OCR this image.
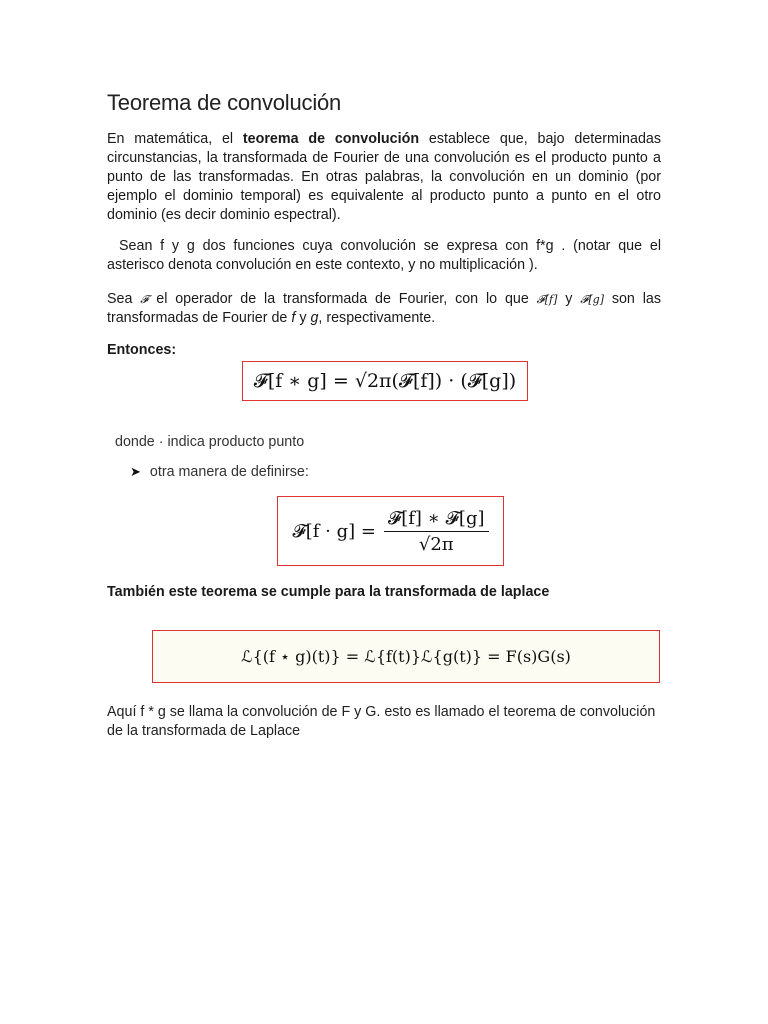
Teorema de convolución

En matemática, el teorema de convolución establece que, bajo determinadas circunstancias, la transformada de Fourier de una convolución es el producto punto a punto de las transformadas. En otras palabras, la convolución en un dominio (por ejemplo el dominio temporal) es equivalente al producto punto a punto en el otro dominio (es decir dominio espectral).

Sean f y g dos funciones cuya convolución se expresa con f*g . (notar que el asterisco denota convolución en este contexto, y no multiplicación ).

Sea 𝓕 el operador de la transformada de Fourier, con lo que 𝓕[f] y 𝓕[g] son las transformadas de Fourier de f y g, respectivamente.

Entonces:
𝓕[f ∗ g] = √2π(𝓕[f]) · (𝓕[g])
donde · indica producto punto
➤ otra manera de definirse:
𝓕[f · $g] = \frac{\text{𝓕[f] ∗ 𝓕[g]}}{√2\pi}$
También este teorema se cumple para la transformada de laplace
ℒ{(f ⋆ g)(t)} = ℒ{f(t)}ℒ{g(t)} = F(s)G(s)

Aquí f * g se llama la convolución de F y G. esto es llamado el teorema de convolución de la transformada de Laplace
